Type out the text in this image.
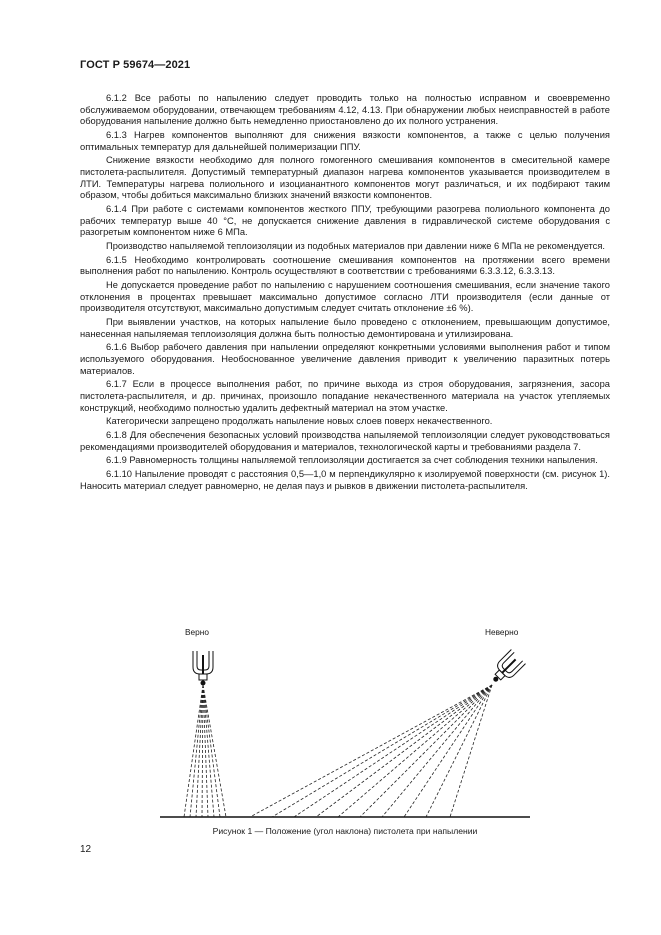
ГОСТ Р 59674—2021

6.1.2 Все работы по напылению следует проводить только на полностью исправном и своевременно обслуживаемом оборудовании, отвечающем требованиям 4.12, 4.13. При обнаружении любых неисправностей в работе оборудования напыление должно быть немедленно приостановлено до их полного устранения.

6.1.3 Нагрев компонентов выполняют для снижения вязкости компонентов, а также с целью получения оптимальных температур для дальнейшей полимеризации ППУ.

Снижение вязкости необходимо для полного гомогенного смешивания компонентов в смесительной камере пистолета-распылителя. Допустимый температурный диапазон нагрева компонентов указывается производителем в ЛТИ. Температуры нагрева полиольного и изоцианантного компонентов могут различаться, и их подбирают таким образом, чтобы добиться максимально близких значений вязкости компонентов.

6.1.4 При работе с системами компонентов жесткого ППУ, требующими разогрева полиольного компонента до рабочих температур выше 40 °С, не допускается снижение давления в гидравлической системе оборудования с разогретым компонентом ниже 6 МПа.

Производство напыляемой теплоизоляции из подобных материалов при давлении ниже 6 МПа не рекомендуется.

6.1.5 Необходимо контролировать соотношение смешивания компонентов на протяжении всего времени выполнения работ по напылению. Контроль осуществляют в соответствии с требованиями 6.3.3.12, 6.3.3.13.

Не допускается проведение работ по напылению с нарушением соотношения смешивания, если значение такого отклонения в процентах превышает максимально допустимое согласно ЛТИ производителя (если данные от производителя отсутствуют, максимально допустимым следует считать отклонение ±6 %).

При выявлении участков, на которых напыление было проведено с отклонением, превышающим допустимое, нанесенная напыляемая теплоизоляция должна быть полностью демонтирована и утилизирована.

6.1.6 Выбор рабочего давления при напылении определяют конкретными условиями выполнения работ и типом используемого оборудования. Необоснованное увеличение давления приводит к увеличению паразитных потерь материалов.

6.1.7 Если в процессе выполнения работ, по причине выхода из строя оборудования, загрязнения, засора пистолета-распылителя, и др. причинах, произошло попадание некачественного материала на участок утепляемых конструкций, необходимо полностью удалить дефектный материал на этом участке.

Категорически запрещено продолжать напыление новых слоев поверх некачественного.

6.1.8 Для обеспечения безопасных условий производства напыляемой теплоизоляции следует руководствоваться рекомендациями производителей оборудования и материалов, технологической карты и требованиями раздела 7.

6.1.9 Равномерность толщины напыляемой теплоизоляции достигается за счет соблюдения техники напыления.

6.1.10 Напыление проводят с расстояния 0,5—1,0 м перпендикулярно к изолируемой поверхности (см. рисунок 1). Наносить материал следует равномерно, не делая пауз и рывков в движении пистолета-распылителя.

Верно	Неверно
Рисунок 1 — Положение (угол наклона) пистолета при напылении
12
